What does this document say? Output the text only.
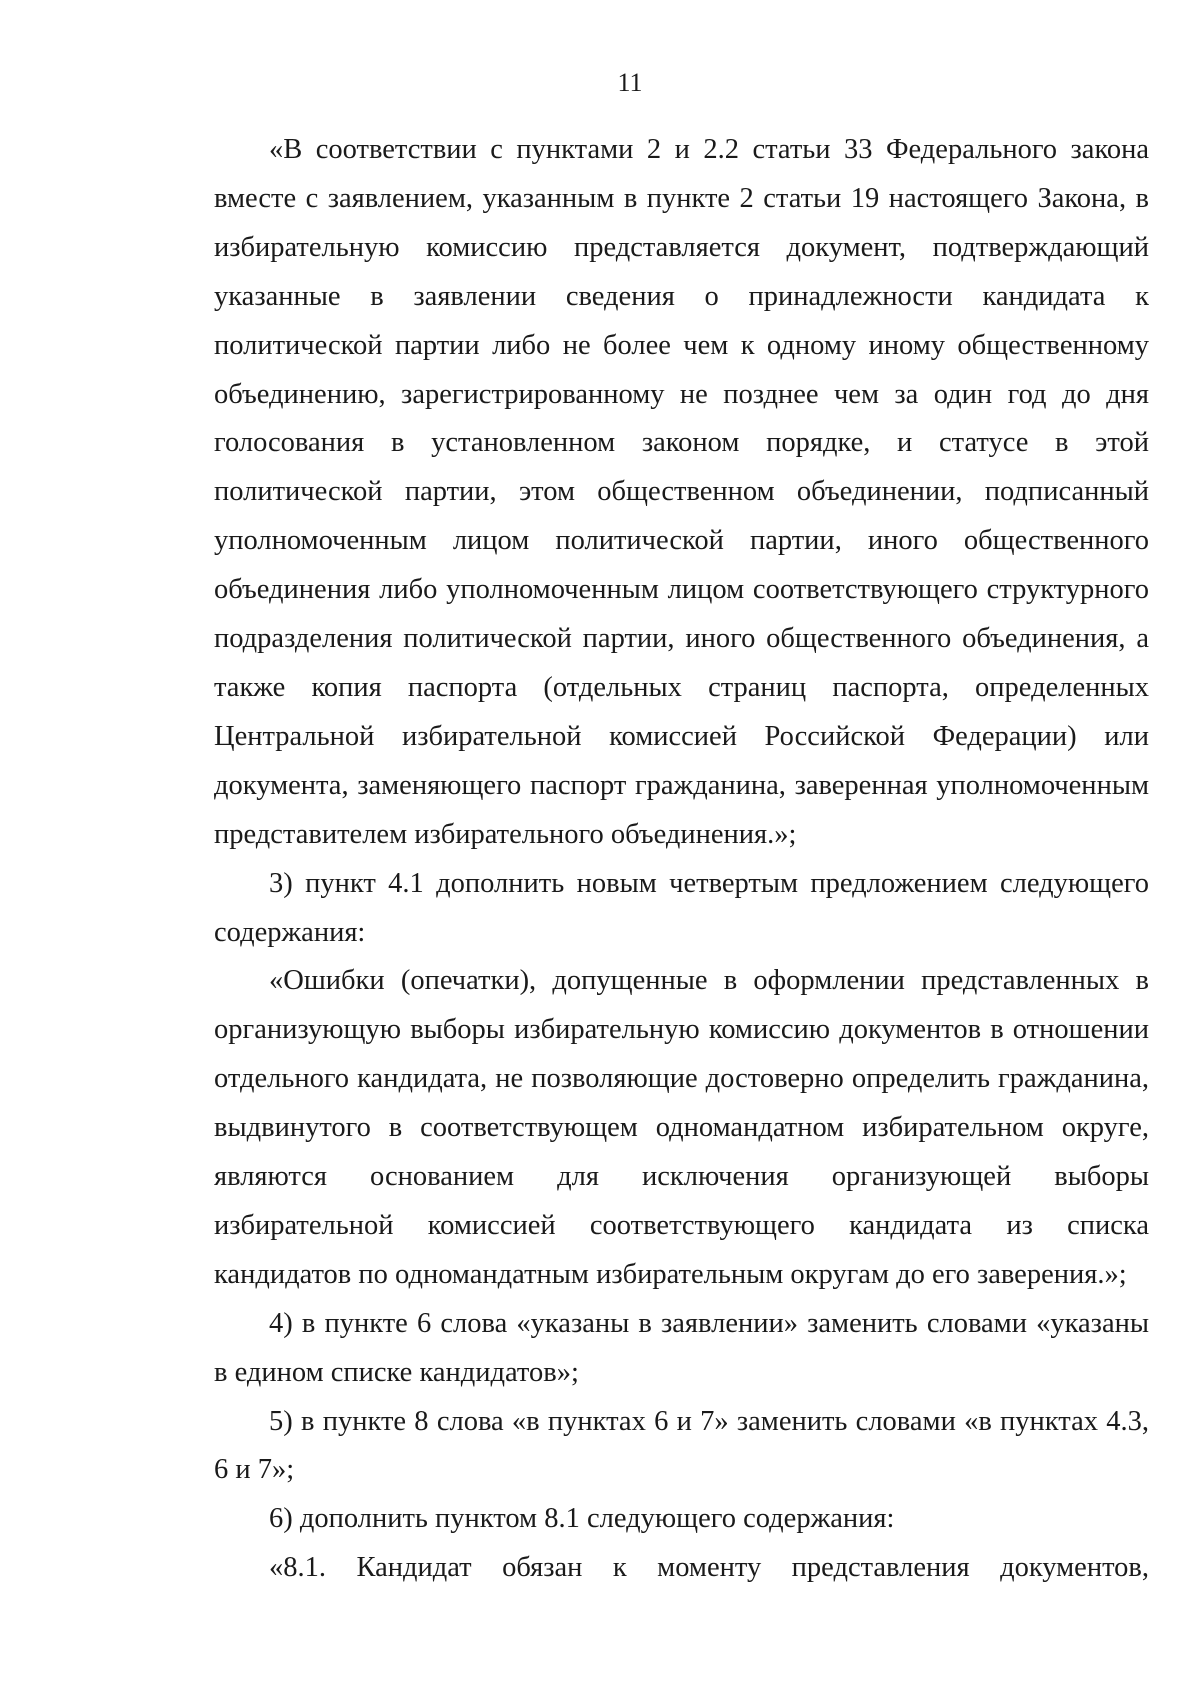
11

«В соответствии с пунктами 2 и 2.2 статьи 33 Федерального закона вместе с заявлением, указанным в пункте 2 статьи 19 настоящего Закона, в избирательную комиссию представляется документ, подтверждающий указанные в заявлении сведения о принадлежности кандидата к политической партии либо не более чем к одному иному общественному объединению, зарегистрированному не позднее чем за один год до дня голосования в установленном законом порядке, и статусе в этой политической партии, этом общественном объединении, подписанный уполномоченным лицом политической партии, иного общественного объединения либо уполномоченным лицом соответствующего структурного подразделения политической партии, иного общественного объединения, а также копия паспорта (отдельных страниц паспорта, определенных Центральной избирательной комиссией Российской Федерации) или документа, заменяющего паспорт гражданина, заверенная уполномоченным представителем избирательного объединения.»;

3) пункт 4.1 дополнить новым четвертым предложением следующего содержания:

«Ошибки (опечатки), допущенные в оформлении представленных в организующую выборы избирательную комиссию документов в отношении отдельного кандидата, не позволяющие достоверно определить гражданина, выдвинутого в соответствующем одномандатном избирательном округе, являются основанием для исключения организующей выборы избирательной комиссией соответствующего кандидата из списка кандидатов по одномандатным избирательным округам до его заверения.»;

4) в пункте 6 слова «указаны в заявлении» заменить словами «указаны в едином списке кандидатов»;

5) в пункте 8 слова «в пунктах 6 и 7» заменить словами «в пунктах 4.3, 6 и 7»;

6) дополнить пунктом 8.1 следующего содержания:

«8.1. Кандидат обязан к моменту представления документов,
